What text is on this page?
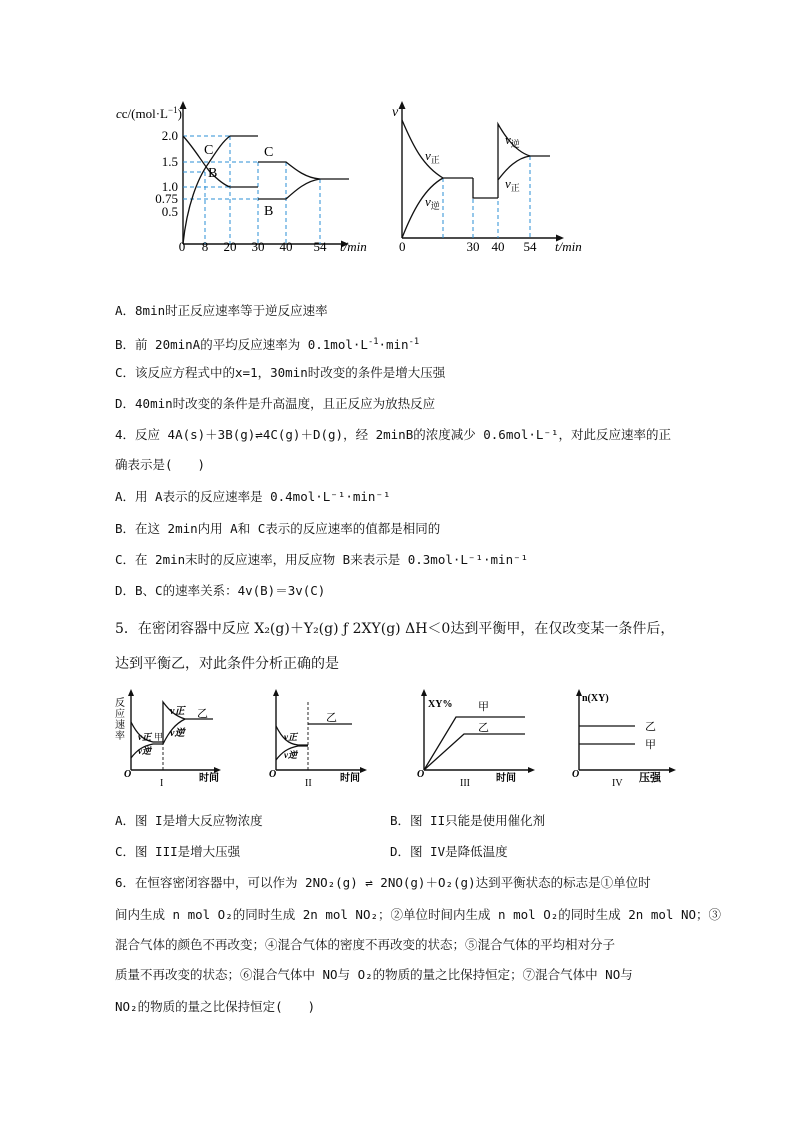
2.0
1.5
1.0
0.75
0.5
0 8 20 30 40 54 t/min
$cc/(mol\cdot L^{-1})$
C
B
C
B
v
0	30 40 54 t/min
$v_正$
$v_逆$
$v_逆$
$v_正$
A．8min时正反应速率等于逆反应速率
B．前 20minA的平均反应速率为 $0.1mol\cdot L^{-1}\cdot\min^{-1}$
C．该反应方程式中的x=1，30min时改变的条件是增大压强
D．40min时改变的条件是升高温度，且正反应为放热反应
4．反应 4A(s)＋3B(g)⇌4C(g)＋D(g)，经 2minB的浓度减少 0.6mol·L⁻¹，对此反应速率的正
确表示是(　　)
A．用 A表示的反应速率是 0.4mol·L⁻¹·min⁻¹
B．在这 2min内用 A和 C表示的反应速率的值都是相同的
C．在 2min末时的反应速率，用反应物 B来表示是 0.3mol·L⁻¹·min⁻¹
D．B、C的速率关系：4v(B)＝3v(C)
5．在密闭容器中反应 X₂(g)＋Y₂(g) ƒ 2XY(g) ΔH＜0达到平衡甲，在仅改变某一条件后，
达到平衡乙，对此条件分析正确的是
反
应
速
率
v正
v逆
v正
v逆
甲
乙
O	时间
I
乙
v正
v逆
O	时间
II
XY% 甲
乙
O	时间
III
n(XY)
乙
甲
O	压强
IV
A．图 I是增大反应物浓度	B．图 II只能是使用催化剂
C．图 III是增大压强	D．图 IV是降低温度
6．在恒容密闭容器中，可以作为 2NO₂(g) ⇌ 2NO(g)＋O₂(g)达到平衡状态的标志是①单位时
间内生成 n mol O₂的同时生成 2n mol NO₂；②单位时间内生成 n mol O₂的同时生成 2n mol NO；③
混合气体的颜色不再改变；④混合气体的密度不再改变的状态；⑤混合气体的平均相对分子
质量不再改变的状态；⑥混合气体中 NO与 O₂的物质的量之比保持恒定；⑦混合气体中 NO与
NO₂的物质的量之比保持恒定(　　)
